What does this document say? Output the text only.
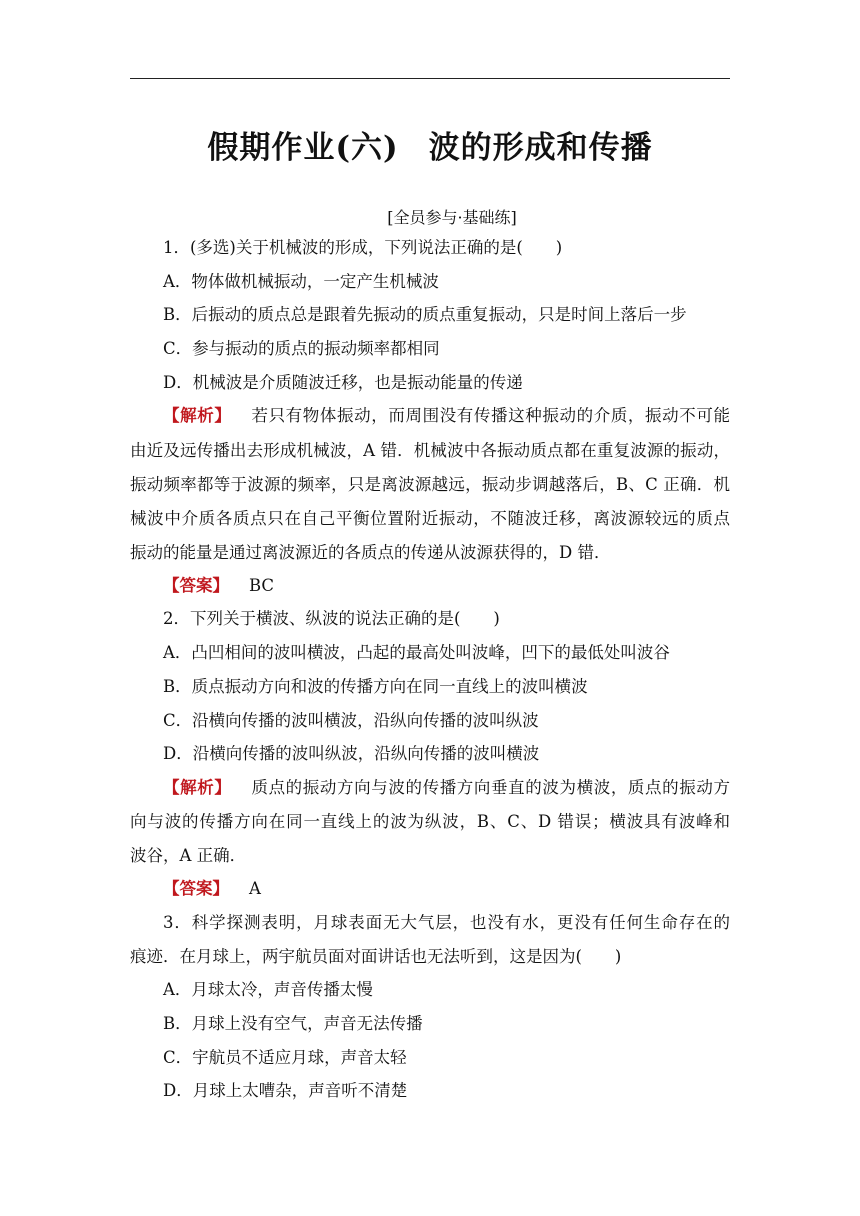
假期作业(六) 波的形成和传播
[全员参与·基础练]
1．(多选)关于机械波的形成，下列说法正确的是(　　)
A．物体做机械振动，一定产生机械波
B．后振动的质点总是跟着先振动的质点重复振动，只是时间上落后一步
C．参与振动的质点的振动频率都相同
D．机械波是介质随波迁移，也是振动能量的传递
【解析】 若只有物体振动，而周围没有传播这种振动的介质，振动不可能
由近及远传播出去形成机械波，A 错．机械波中各振动质点都在重复波源的振动，
振动频率都等于波源的频率，只是离波源越远，振动步调越落后，B、C 正确．机
械波中介质各质点只在自己平衡位置附近振动，不随波迁移，离波源较远的质点
振动的能量是通过离波源近的各质点的传递从波源获得的，D 错．
【答案】 BC
2．下列关于横波、纵波的说法正确的是(　　)
A．凸凹相间的波叫横波，凸起的最高处叫波峰，凹下的最低处叫波谷
B．质点振动方向和波的传播方向在同一直线上的波叫横波
C．沿横向传播的波叫横波，沿纵向传播的波叫纵波
D．沿横向传播的波叫纵波，沿纵向传播的波叫横波
【解析】 质点的振动方向与波的传播方向垂直的波为横波，质点的振动方
向与波的传播方向在同一直线上的波为纵波，B、C、D 错误；横波具有波峰和
波谷，A 正确．
【答案】 A
3．科学探测表明，月球表面无大气层，也没有水，更没有任何生命存在的
痕迹．在月球上，两宇航员面对面讲话也无法听到，这是因为(　　)
A．月球太冷，声音传播太慢
B．月球上没有空气，声音无法传播
C．宇航员不适应月球，声音太轻
D．月球上太嘈杂，声音听不清楚
